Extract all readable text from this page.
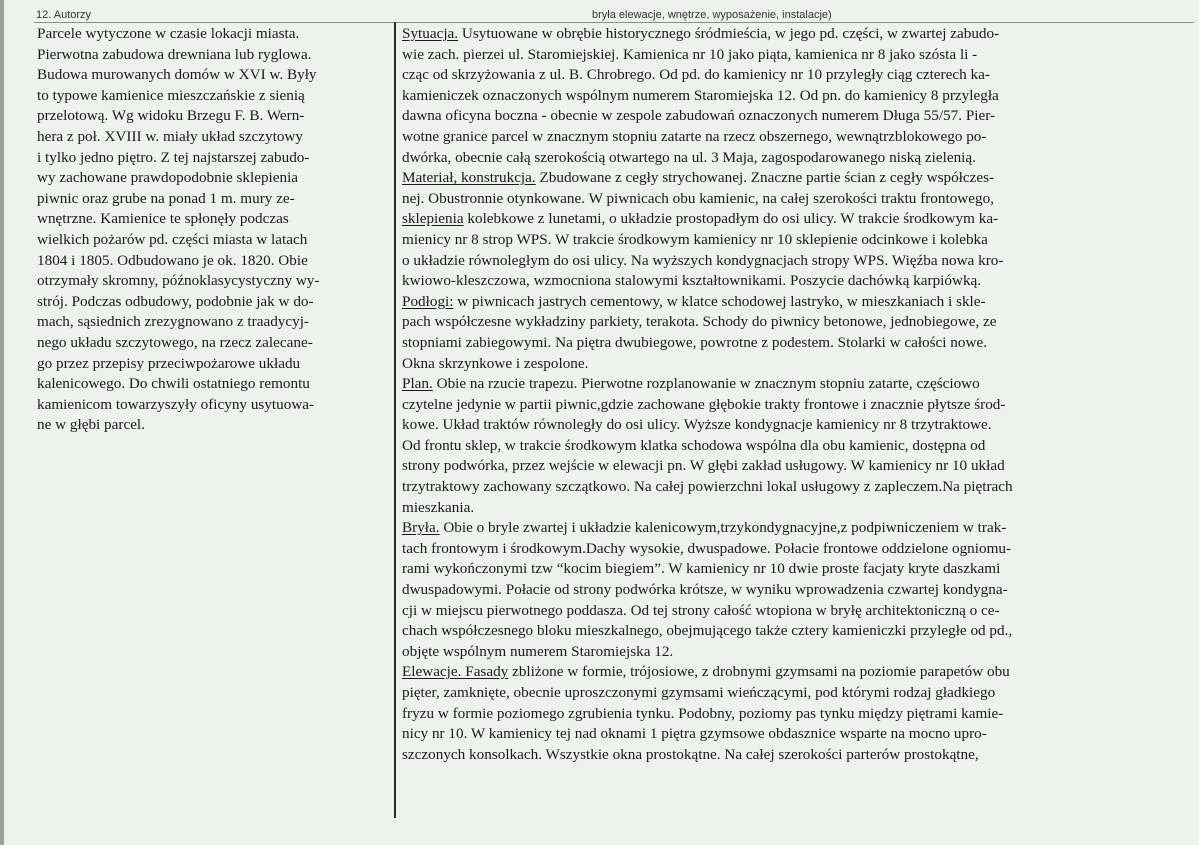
12. Autorzy	bryła elewacje, wnętrze, wyposażenie, instalacje)
Parcele wytyczone w czasie lokacji miasta.
Pierwotna zabudowa drewniana lub ryglowa.
Budowa murowanych domów w XVI w. Były
to typowe kamienice mieszczańskie z sienią
przelotową. Wg widoku Brzegu F. B. Wern-
hera z poł. XVIII w. miały układ szczytowy
i tylko jedno piętro. Z tej najstarszej zabudo-
wy zachowane prawdopodobnie sklepienia
piwnic oraz grube na ponad 1 m. mury ze-
wnętrzne. Kamienice te spłonęły podczas
wielkich pożarów pd. części miasta w latach
1804 i 1805. Odbudowano je ok. 1820. Obie
otrzymały skromny, późnoklasycystyczny wy-
strój. Podczas odbudowy, podobnie jak w do-
mach, sąsiednich zrezygnowano z traadycyj-
nego układu szczytowego, na rzecz zalecane-
go przez przepisy przeciwpożarowe układu
kalenicowego. Do chwili ostatniego remontu
kamienicom towarzyszyły oficyny usytuowa-
ne w głębi parcel.
Sytuacja. Usytuowane w obrębie historycznego śródmieścia, w jego pd. części, w zwartej zabudo-
wie zach. pierzei ul. Staromiejskiej. Kamienica nr 10 jako piąta, kamienica nr 8 jako szósta li -
cząc od skrzyżowania z ul. B. Chrobrego. Od pd. do kamienicy nr 10 przyległy ciąg czterech ka-
kamieniczek oznaczonych wspólnym numerem Staromiejska 12. Od pn. do kamienicy 8 przyległa
dawna oficyna boczna - obecnie w zespole zabudowań oznaczonych numerem Długa 55/57. Pier-
wotne granice parcel w znacznym stopniu zatarte na rzecz obszernego, wewnątrzblokowego po-
dwórka, obecnie całą szerokością otwartego na ul. 3 Maja, zagospodarowanego niską zielenią.
Materiał, konstrukcja. Zbudowane z cegły strychowanej. Znaczne partie ścian z cegły współczes-
nej. Obustronnie otynkowane. W piwnicach obu kamienic, na całej szerokości traktu frontowego,
sklepienia kolebkowe z lunetami, o układzie prostopadłym do osi ulicy. W trakcie środkowym ka-
mienicy nr 8 strop WPS. W trakcie środkowym kamienicy nr 10 sklepienie odcinkowe i kolebka
o układzie równoległym do osi ulicy. Na wyższych kondygnacjach stropy WPS. Więźba nowa kro-
kwiowo-kleszczowa, wzmocniona stalowymi kształtownikami. Poszycie dachówką karpiówką.
Podłogi: w piwnicach jastrych cementowy, w klatce schodowej lastryko, w mieszkaniach i skle-
pach współczesne wykładziny parkiety, terakota. Schody do piwnicy betonowe, jednobiegowe, ze
stopniami zabiegowymi. Na piętra dwubiegowe, powrotne z podestem. Stolarki w całości nowe.
Okna skrzynkowe i zespolone.
Plan. Obie na rzucie trapezu. Pierwotne rozplanowanie w znacznym stopniu zatarte, częściowo
czytelne jedynie w partii piwnic,gdzie zachowane głębokie trakty frontowe i znacznie płytsze środ-
kowe. Układ traktów równoległy do osi ulicy. Wyższe kondygnacje kamienicy nr 8 trzytraktowe.
Od frontu sklep, w trakcie środkowym klatka schodowa wspólna dla obu kamienic, dostępna od
strony podwórka, przez wejście w elewacji pn. W głębi zakład usługowy. W kamienicy nr 10 układ
trzytraktowy zachowany szczątkowo. Na całej powierzchni lokal usługowy z zapleczem.Na piętrach
mieszkania.
Bryła. Obie o bryle zwartej i układzie kalenicowym,trzykondygnacyjne,z podpiwniczeniem w trak-
tach frontowym i środkowym.Dachy wysokie, dwuspadowe. Połacie frontowe oddzielone ogniomu-
rami wykończonymi tzw “kocim biegiem”. W kamienicy nr 10 dwie proste facjaty kryte daszkami
dwuspadowymi. Połacie od strony podwórka krótsze, w wyniku wprowadzenia czwartej kondygna-
cji w miejscu pierwotnego poddasza. Od tej strony całość wtopiona w bryłę architektoniczną o ce-
chach współczesnego bloku mieszkalnego, obejmującego także cztery kamieniczki przyległe od pd.,
objęte wspólnym numerem Staromiejska 12.
Elewacje. Fasady zbliżone w formie, trójosiowe, z drobnymi gzymsami na poziomie parapetów obu
pięter, zamknięte, obecnie uproszczonymi gzymsami wieńczącymi, pod którymi rodzaj gładkiego
fryzu w formie poziomego zgrubienia tynku. Podobny, poziomy pas tynku między piętrami kamie-
nicy nr 10. W kamienicy tej nad oknami 1 piętra gzymsowe obdasznice wsparte na mocno upro-
szczonych konsolkach. Wszystkie okna prostokątne. Na całej szerokości parterów prostokątne,
